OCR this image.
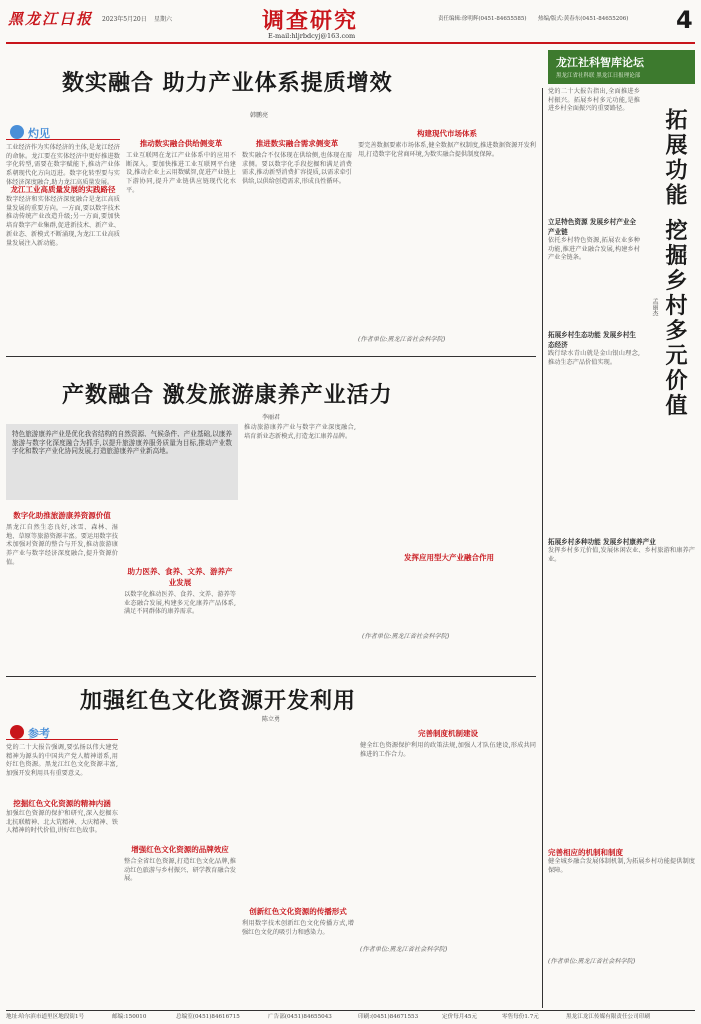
黑龙江日报 2023年5月20日 星期六	调查研究
E-mail:hljrbdcyj@163.com
责任编辑:徐明辉(0451-84655585) 热编/版式:黄春东(0451-84655206) 4
龙江社科智库论坛
黑龙江省社科联 黑龙江日报理论部
数实融合 助力产业体系提质增效
韩鹏亮
灼见
工业经济作为实体经济的主体,是龙江经济的命脉。龙江要在实体经济中更好推进数字化转型,需要在数字赋能下,推动产业体系朝现代化方向迈进。数字化转型要与实体经济深度融合,助力龙江高质量发展。
龙江工业高质量发展的实践路径
数字经济和实体经济深度融合是龙江高质量发展的重要方向。一方面,要以数字技术推动传统产业改造升级;另一方面,要加快培育数字产业集群,促进新技术、新产业、新业态、新模式不断涌现,为龙江工业高质量发展注入新动能。
推动数实融合供给侧变革
工业互联网在龙江产业体系中的应用不断深入。要加快推进工业互联网平台建设,推动企业上云用数赋智,促进产业链上下游协同,提升产业链供应链现代化水平。
推进数实融合需求侧变革
数实融合不仅体现在供给侧,也体现在需求侧。要以数字化手段挖掘和满足消费需求,推动新型消费扩容提质,以需求牵引供给,以供给创造需求,形成良性循环。
构建现代市场体系
要完善数据要素市场体系,健全数据产权制度,推进数据资源开发利用,打造数字化营商环境,为数实融合提供制度保障。
(作者单位:黑龙江省社会科学院)
产数融合 激发旅游康养产业活力
李丽君
特色旅游康养产业是优化我省结构的自然资源、气候条件、产业基础,以康养旅游与数字化深度融合为抓手,以提升旅游康养服务质量为目标,推动产业数字化和数字产业化协同发展,打造旅游康养产业新高地。
数字化助推旅游康养资源价值
黑龙江自然生态良好,冰雪、森林、湿地、草原等旅游资源丰富。要运用数字技术加强对资源的整合与开发,推动旅游康养产业与数字经济深度融合,提升资源价值。
助力医养、食养、文养、游养产业发展
以数字化推动医养、食养、文养、游养等业态融合发展,构建多元化康养产品体系,满足不同群体的康养需求。
推动旅游康养产业与数字产业深度融合,培育新业态新模式,打造龙江康养品牌。
发挥应用型大产业融合作用
(作者单位:黑龙江省社会科学院)
加强红色文化资源开发利用
陈立勇
参考
党的二十大报告强调,要弘扬以伟大建党精神为源头的中国共产党人精神谱系,用好红色资源。黑龙江红色文化资源丰富,加强开发利用具有重要意义。
挖掘红色文化资源的精神内涵
加强红色资源的保护和研究,深入挖掘东北抗联精神、北大荒精神、大庆精神、铁人精神的时代价值,讲好红色故事。
增强红色文化资源的品牌效应
整合全省红色资源,打造红色文化品牌,推动红色旅游与乡村振兴、研学教育融合发展。
创新红色文化资源的传播形式
利用数字技术创新红色文化传播方式,增强红色文化的吸引力和感染力。
完善制度机制建设
健全红色资源保护利用的政策法规,加强人才队伍建设,形成共同推进的工作合力。
(作者单位:黑龙江省社会科学院)
党的二十大报告指出,全面推进乡村振兴。拓展乡村多元功能,是推进乡村全面振兴的重要路径。	拓展功能 挖掘乡村多元价值
孟丽杰
立足特色资源 发展乡村产业全产业链
依托乡村特色资源,拓展农业多种功能,推进产业融合发展,构建乡村产业全链条。
拓展乡村生态功能 发展乡村生态经济
践行绿水青山就是金山银山理念,推动生态产品价值实现。
拓展乡村多种功能 发展乡村康养产业
发挥乡村多元价值,发展休闲农业、乡村旅游和康养产业。
完善相应的机制和制度
健全城乡融合发展体制机制,为拓展乡村功能提供制度保障。
(作者单位:黑龙江省社会科学院)
地址:哈尔滨市道里区地段街1号	邮编:150010	总编室(0451)84616715	广告部(0451)84655043	印刷:(0451)84671553	定价每月45元	零售每份1.7元	黑龙江龙江传媒有限责任公司印刷
